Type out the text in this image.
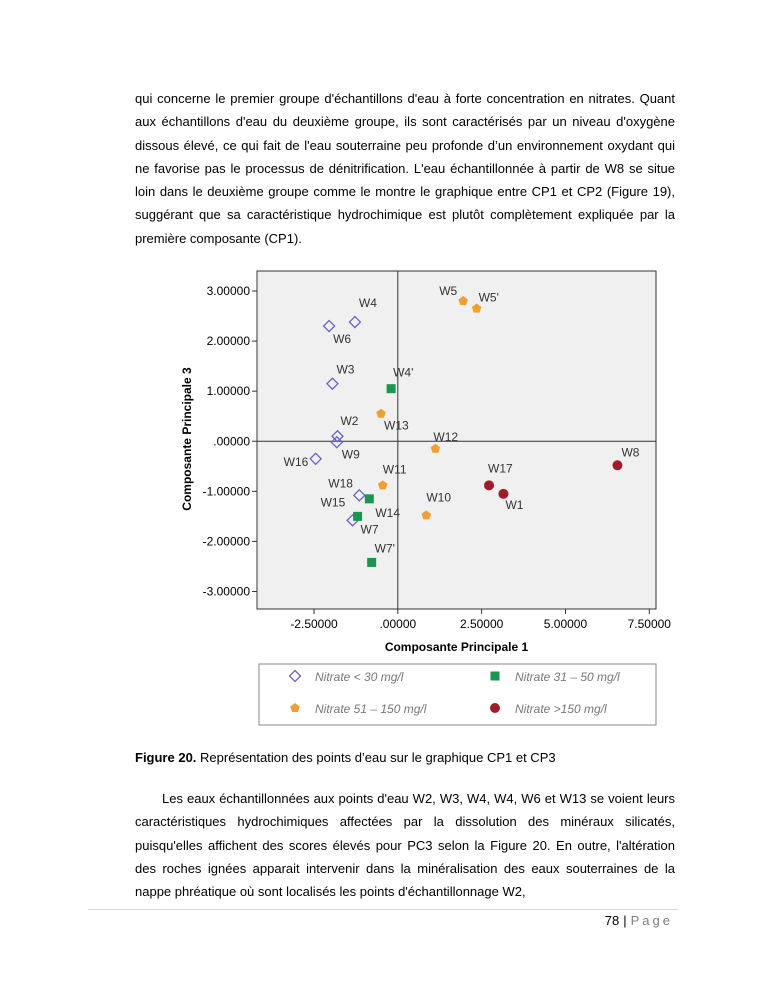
qui concerne le premier groupe d'échantillons d'eau à forte concentration en nitrates. Quant aux échantillons d'eau du deuxième groupe, ils sont caractérisés par un niveau d'oxygène dissous élevé, ce qui fait de l'eau souterraine peu profonde d’un environnement oxydant qui ne favorise pas le processus de dénitrification. L'eau échantillonnée à partir de W8 se situe loin dans le deuxième groupe comme le montre le graphique entre CP1 et CP2 (Figure 19), suggérant que sa caractéristique hydrochimique est plutôt complètement expliquée par la première composante (CP1).

-2.50000	.00000	2.50000	5.00000	7.50000
3.00000
2.00000
1.00000
.00000
-1.00000
-2.00000
-3.00000
W4
W6
W3
W2
W9
W16
W18
W7
W4'
W14
W15
W7'
W5 W5'
W13
W12
W11
W10
W8
W17
W1
Composante Principale 1
Composante Principale 3
Nitrate < 30 mg/l	Nitrate 31 – 50 mg/l
Nitrate 51 – 150 mg/l	Nitrate >150 mg/l

Figure 20. Représentation des points d’eau sur le graphique CP1 et CP3

Les eaux échantillonnées aux points d'eau W2, W3, W4, W4, W6 et W13 se voient leurs caractéristiques hydrochimiques affectées par la dissolution des minéraux silicatés, puisqu'elles affichent des scores élevés pour PC3 selon la Figure 20. En outre, l'altération des roches ignées apparait intervenir dans la minéralisation des eaux souterraines de la nappe phréatique où sont localisés les points d'échantillonnage W2,

78 | Page
